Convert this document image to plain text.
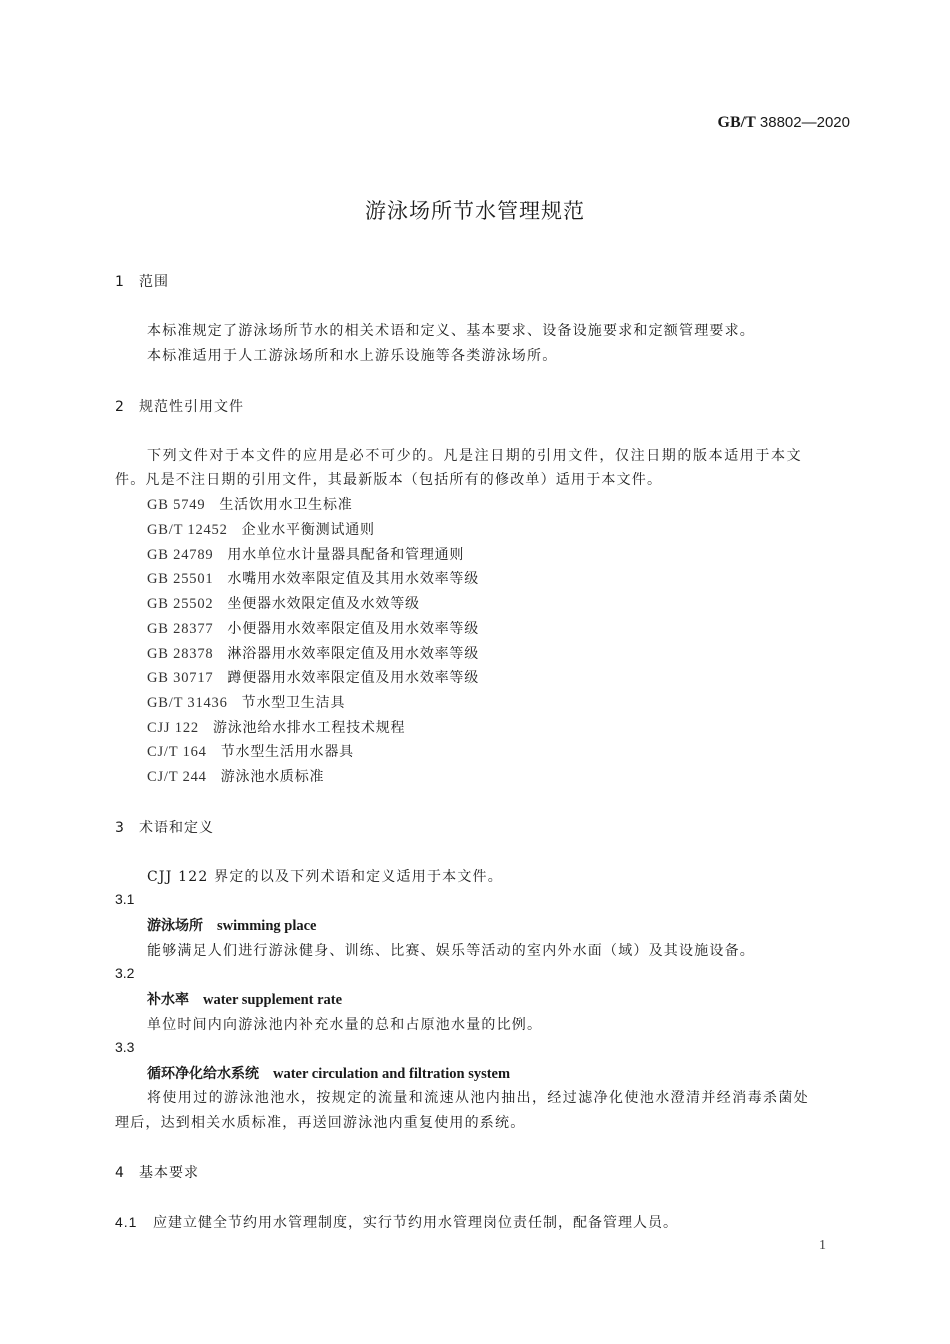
GB/T 38802—2020
游泳场所节水管理规范
1 范围
本标准规定了游泳场所节水的相关术语和定义、基本要求、设备设施要求和定额管理要求。
本标准适用于人工游泳场所和水上游乐设施等各类游泳场所。
2 规范性引用文件
下列文件对于本文件的应用是必不可少的。凡是注日期的引用文件，仅注日期的版本适用于本文
件。凡是不注日期的引用文件，其最新版本（包括所有的修改单）适用于本文件。
GB 5749 生活饮用水卫生标准
GB/T 12452 企业水平衡测试通则
GB 24789 用水单位水计量器具配备和管理通则
GB 25501 水嘴用水效率限定值及其用水效率等级
GB 25502 坐便器水效限定值及水效等级
GB 28377 小便器用水效率限定值及用水效率等级
GB 28378 淋浴器用水效率限定值及用水效率等级
GB 30717 蹲便器用水效率限定值及用水效率等级
GB/T 31436 节水型卫生洁具
CJJ 122 游泳池给水排水工程技术规程
CJ/T 164 节水型生活用水器具
CJ/T 244 游泳池水质标准
3 术语和定义
CJJ 122 界定的以及下列术语和定义适用于本文件。
3.1
游泳场所 swimming place
能够满足人们进行游泳健身、训练、比赛、娱乐等活动的室内外水面（域）及其设施设备。
3.2
补水率 water supplement rate
单位时间内向游泳池内补充水量的总和占原池水量的比例。
3.3
循环净化给水系统 water circulation and filtration system
将使用过的游泳池池水，按规定的流量和流速从池内抽出，经过滤净化使池水澄清并经消毒杀菌处
理后，达到相关水质标准，再送回游泳池内重复使用的系统。
4 基本要求
4.1 应建立健全节约用水管理制度，实行节约用水管理岗位责任制，配备管理人员。
1
